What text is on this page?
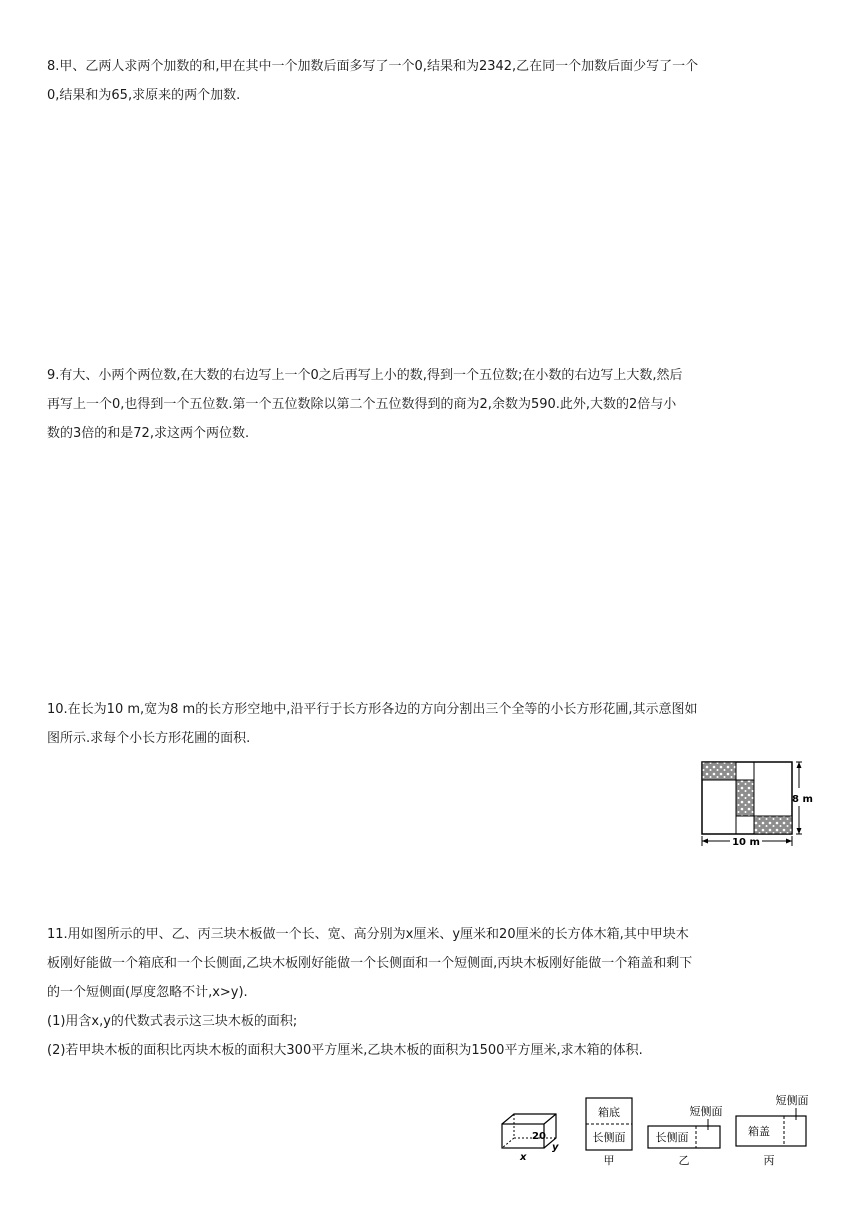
8.甲、乙两人求两个加数的和,甲在其中一个加数后面多写了一个0,结果和为2342,乙在同一个加数后面少写了一个
0,结果和为65,求原来的两个加数.
9.有大、小两个两位数,在大数的右边写上一个0之后再写上小的数,得到一个五位数;在小数的右边写上大数,然后
再写上一个0,也得到一个五位数.第一个五位数除以第二个五位数得到的商为2,余数为590.此外,大数的2倍与小
数的3倍的和是72,求这两个两位数.
10.在长为10 m,宽为8 m的长方形空地中,沿平行于长方形各边的方向分割出三个全等的小长方形花圃,其示意图如
图所示.求每个小长方形花圃的面积.
8 m
10 m
11.用如图所示的甲、乙、丙三块木板做一个长、宽、高分别为x厘米、y厘米和20厘米的长方体木箱,其中甲块木
板刚好能做一个箱底和一个长侧面,乙块木板刚好能做一个长侧面和一个短侧面,丙块木板刚好能做一个箱盖和剩下
的一个短侧面(厚度忽略不计,x>y).
(1)用含x,y的代数式表示这三块木板的面积;
(2)若甲块木板的面积比丙块木板的面积大300平方厘米,乙块木板的面积为1500平方厘米,求木箱的体积.
20
x
y
箱底
长侧面
甲
长侧面
短侧面
乙
箱盖
短侧面
丙
